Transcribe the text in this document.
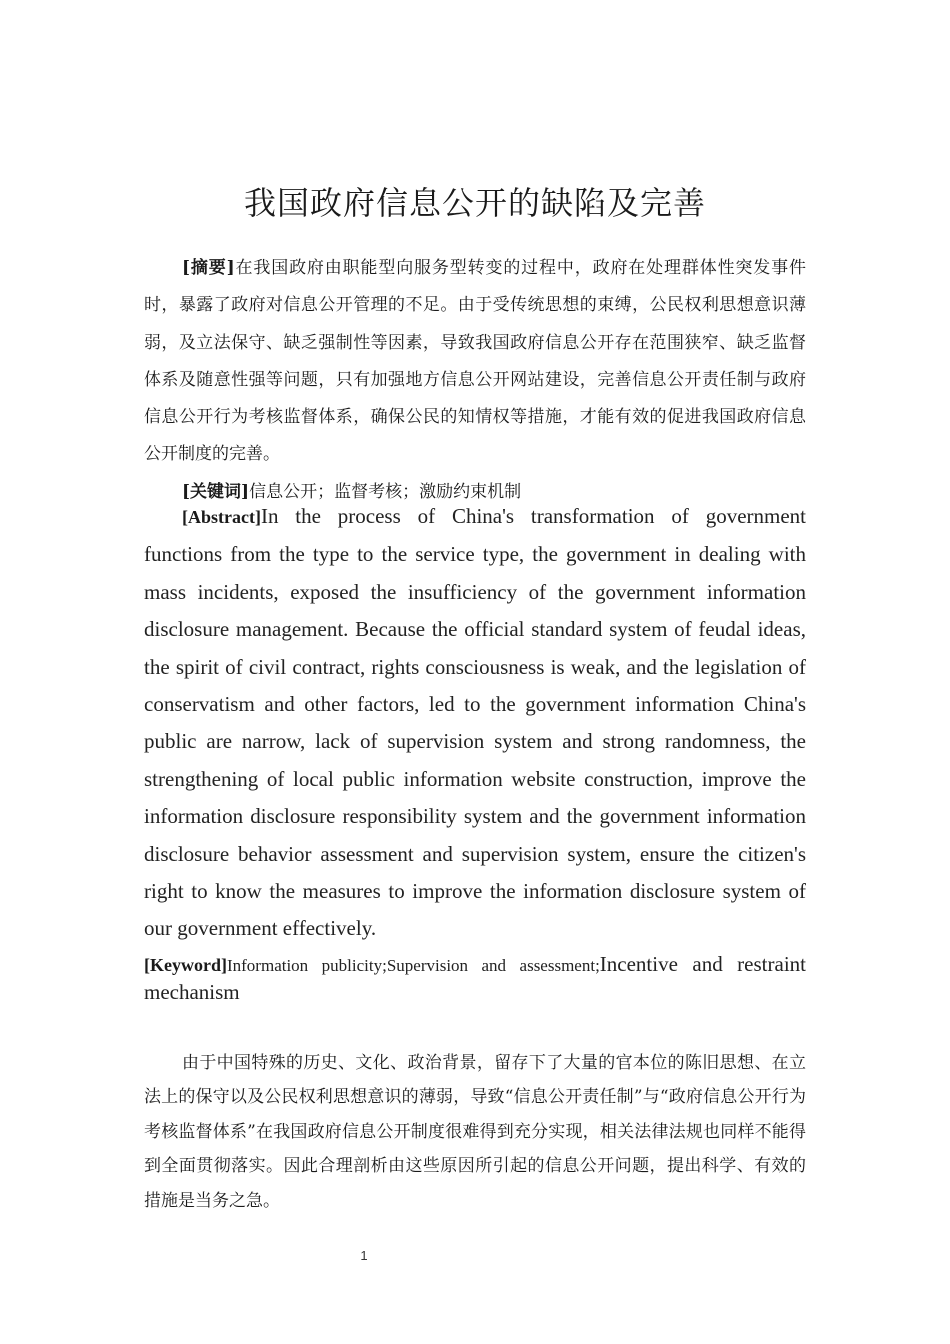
我国政府信息公开的缺陷及完善
[摘要]在我国政府由职能型向服务型转变的过程中，政府在处理群体性突发事件时，暴露了政府对信息公开管理的不足。由于受传统思想的束缚，公民权利思想意识薄弱，及立法保守、缺乏强制性等因素，导致我国政府信息公开存在范围狭窄、缺乏监督体系及随意性强等问题，只有加强地方信息公开网站建设，完善信息公开责任制与政府信息公开行为考核监督体系，确保公民的知情权等措施，才能有效的促进我国政府信息公开制度的完善。
[关键词]信息公开；监督考核；激励约束机制
[Abstract]In the process of China's transformation of government functions from the type to the service type, the government in dealing with mass incidents, exposed the insufficiency of the government information disclosure management. Because the official standard system of feudal ideas, the spirit of civil contract, rights consciousness is weak, and the legislation of conservatism and other factors, led to the government information China's public are narrow, lack of supervision system and strong randomness, the strengthening of local public information website construction, improve the information disclosure responsibility system and the government information disclosure behavior assessment and supervision system, ensure the citizen's right to know the measures to improve the information disclosure system of our government effectively.
[Keyword]Information publicity;Supervision and assessment;Incentive and restraint mechanism
由于中国特殊的历史、文化、政治背景，留存下了大量的官本位的陈旧思想、在立法上的保守以及公民权利思想意识的薄弱，导致“信息公开责任制”与“政府信息公开行为考核监督体系”在我国政府信息公开制度很难得到充分实现，相关法律法规也同样不能得到全面贯彻落实。因此合理剖析由这些原因所引起的信息公开问题，提出科学、有效的措施是当务之急。
1
